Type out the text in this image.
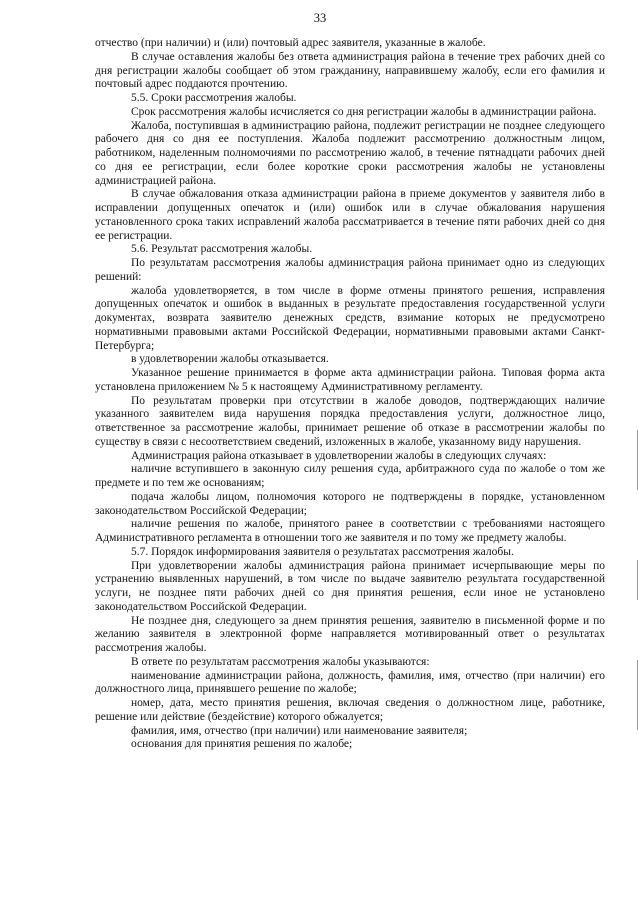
33

отчество (при наличии) и (или) почтовый адрес заявителя, указанные в жалобе.

В случае оставления жалобы без ответа администрация района в течение трех рабочих дней со дня регистрации жалобы сообщает об этом гражданину, направившему жалобу, если его фамилия и почтовый адрес поддаются прочтению.

5.5. Сроки рассмотрения жалобы.

Срок рассмотрения жалобы исчисляется со дня регистрации жалобы в администрации района.

Жалоба, поступившая в администрацию района, подлежит регистрации не позднее следующего рабочего дня со дня ее поступления. Жалоба подлежит рассмотрению должностным лицом, работником, наделенным полномочиями по рассмотрению жалоб, в течение пятнадцати рабочих дней со дня ее регистрации, если более короткие сроки рассмотрения жалобы не установлены администрацией района.

В случае обжалования отказа администрации района в приеме документов у заявителя либо в исправлении допущенных опечаток и (или) ошибок или в случае обжалования нарушения установленного срока таких исправлений жалоба рассматривается в течение пяти рабочих дней со дня ее регистрации.

5.6. Результат рассмотрения жалобы.

По результатам рассмотрения жалобы администрация района принимает одно из следующих решений:

жалоба удовлетворяется, в том числе в форме отмены принятого решения, исправления допущенных опечаток и ошибок в выданных в результате предоставления государственной услуги документах, возврата заявителю денежных средств, взимание которых не предусмотрено нормативными правовыми актами Российской Федерации, нормативными правовыми актами Санкт-Петербурга;

в удовлетворении жалобы отказывается.

Указанное решение принимается в форме акта администрации района. Типовая форма акта установлена приложением № 5 к настоящему Административному регламенту.

По результатам проверки при отсутствии в жалобе доводов, подтверждающих наличие указанного заявителем вида нарушения порядка предоставления услуги, должностное лицо, ответственное за рассмотрение жалобы, принимает решение об отказе в рассмотрении жалобы по существу в связи с несоответствием сведений, изложенных в жалобе, указанному виду нарушения.

Администрация района отказывает в удовлетворении жалобы в следующих случаях:

наличие вступившего в законную силу решения суда, арбитражного суда по жалобе о том же предмете и по тем же основаниям;

подача жалобы лицом, полномочия которого не подтверждены в порядке, установленном законодательством Российской Федерации;

наличие решения по жалобе, принятого ранее в соответствии с требованиями настоящего Административного регламента в отношении того же заявителя и по тому же предмету жалобы.

5.7. Порядок информирования заявителя о результатах рассмотрения жалобы.

При удовлетворении жалобы администрация района принимает исчерпывающие меры по устранению выявленных нарушений, в том числе по выдаче заявителю результата государственной услуги, не позднее пяти рабочих дней со дня принятия решения, если иное не установлено законодательством Российской Федерации.

Не позднее дня, следующего за днем принятия решения, заявителю в письменной форме и по желанию заявителя в электронной форме направляется мотивированный ответ о результатах рассмотрения жалобы.

В ответе по результатам рассмотрения жалобы указываются:

наименование администрации района, должность, фамилия, имя, отчество (при наличии) его должностного лица, принявшего решение по жалобе;

номер, дата, место принятия решения, включая сведения о должностном лице, работнике, решение или действие (бездействие) которого обжалуется;

фамилия, имя, отчество (при наличии) или наименование заявителя;

основания для принятия решения по жалобе;
